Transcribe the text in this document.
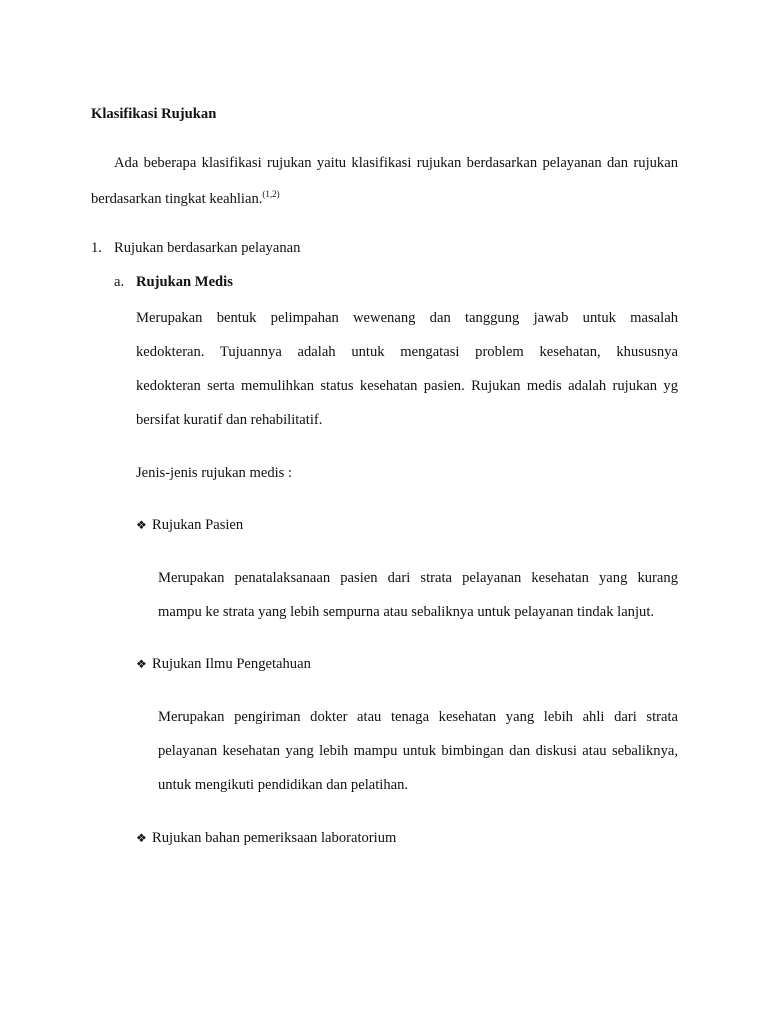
Klasifikasi Rujukan
Ada beberapa klasifikasi rujukan yaitu klasifikasi rujukan berdasarkan pelayanan dan rujukan
berdasarkan tingkat keahlian.$^{(1,2)}$
1. Rujukan berdasarkan pelayanan
a. Rujukan Medis
Merupakan bentuk pelimpahan wewenang dan tanggung jawab untuk masalah
kedokteran. Tujuannya adalah untuk mengatasi problem kesehatan, khususnya
kedokteran serta memulihkan status kesehatan pasien. Rujukan medis adalah rujukan yg
bersifat kuratif dan rehabilitatif.
Jenis-jenis rujukan medis :
❖ Rujukan Pasien
Merupakan penatalaksanaan pasien dari strata pelayanan kesehatan yang kurang
mampu ke strata yang lebih sempurna atau sebaliknya untuk pelayanan tindak lanjut.
❖ Rujukan Ilmu Pengetahuan
Merupakan pengiriman dokter atau tenaga kesehatan yang lebih ahli dari strata
pelayanan kesehatan yang lebih mampu untuk bimbingan dan diskusi atau sebaliknya,
untuk mengikuti pendidikan dan pelatihan.
❖ Rujukan bahan pemeriksaan laboratorium
